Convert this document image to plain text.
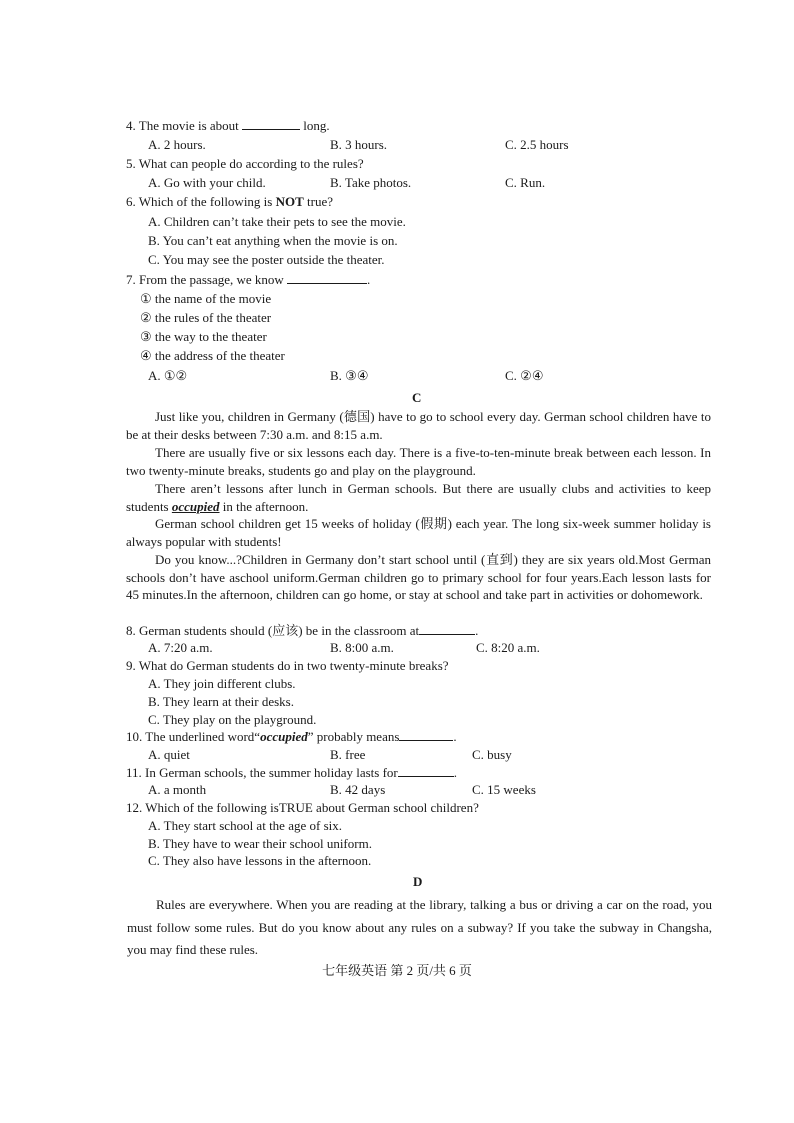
4. The movie is about	long.
A. 2 hours.	B. 3 hours.	C. 2.5 hours
5. What can people do according to the rules?
A. Go with your child.	B. Take photos.	C. Run.
6. Which of the following is NOT true?
A. Children can’t take their pets to see the movie.
B. You can’t eat anything when the movie is on.
C. You may see the poster outside the theater.
7. From the passage, we know	.
① the name of the movie
② the rules of the theater
③ the way to the theater
④ the address of the theater
A. ①②	B. ③④	C. ②④
C
Just like you, children in Germany (德国) have to go to school every day. German school children have to be at their desks between 7:30 a.m. and 8:15 a.m.
There are usually five or six lessons each day. There is a five-to-ten-minute break between each lesson. In two twenty-minute breaks, students go and play on the playground.
There aren’t lessons after lunch in German schools. But there are usually clubs and activities to keep students occupied in the afternoon.
German school children get 15 weeks of holiday (假期) each year. The long six-week summer holiday is always popular with students!
Do you know...?Children in Germany don’t start school until (直到) they are six years old.Most German schools don’t have aschool uniform.German children go to primary school for four years.Each lesson lasts for 45 minutes.In the afternoon, children can go home, or stay at school and take part in activities or dohomework.
8. German students should (应该) be in the classroom at	.
A. 7:20 a.m.	B. 8:00 a.m.	C. 8:20 a.m.
9. What do German students do in two twenty-minute breaks?
A. They join different clubs.
B. They learn at their desks.
C. They play on the playground.
10. The underlined word“occupied” probably means	.
A. quiet	B. free	C. busy
11. In German schools, the summer holiday lasts for	.
A. a month	B. 42 days	C. 15 weeks
12. Which of the following isTRUE about German school children?
A. They start school at the age of six.
B. They have to wear their school uniform.
C. They also have lessons in the afternoon.
D
Rules are everywhere. When you are reading at the library, talking a bus or driving a car on the road, you must follow some rules. But do you know about any rules on a subway? If you take the subway in Changsha, you may find these rules.
七年级英语 第 2 页/共 6 页
